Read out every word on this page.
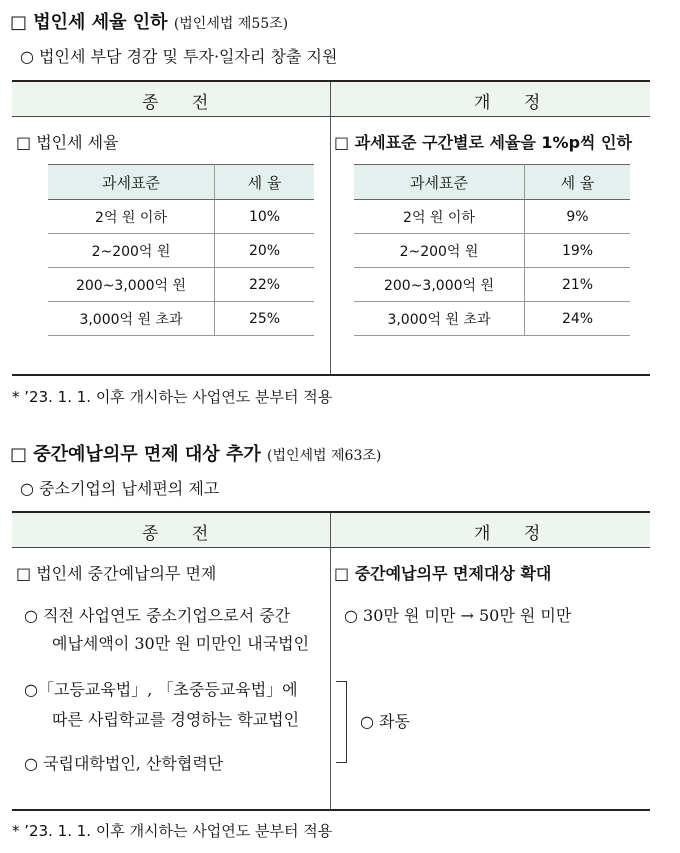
□ 법인세 세율 인하 (법인세법 제55조)
○ 법인세 부담 경감 및 투자·일자리 창출 지원
종 전	개 정
□ 법인세 세율	□ 과세표준 구간별로 세율을 1%p씩 인하
과세표준	세 율
2억 원 이하	10%
2~200억 원	20%
200~3,000억 원	22%
3,000억 원 초과	25%
과세표준	세 율
2억 원 이하	9%
2~200억 원	19%
200~3,000억 원	21%
3,000억 원 초과	24%
* ’23. 1. 1. 이후 개시하는 사업연도 분부터 적용
□ 중간예납의무 면제 대상 추가 (법인세법 제63조)
○ 중소기업의 납세편의 제고
종 전	개 정
□ 법인세 중간예납의무 면제
○ 직전 사업연도 중소기업으로서 중간
예납세액이 30만 원 미만인 내국법인
○「고등교육법」, 「초중등교육법」에
따른 사립학교를 경영하는 학교법인
○ 국립대학법인, 산학협력단
□ 중간예납의무 면제대상 확대
○ 30만 원 미만 → 50만 원 미만
○ 좌동
* ’23. 1. 1. 이후 개시하는 사업연도 분부터 적용
